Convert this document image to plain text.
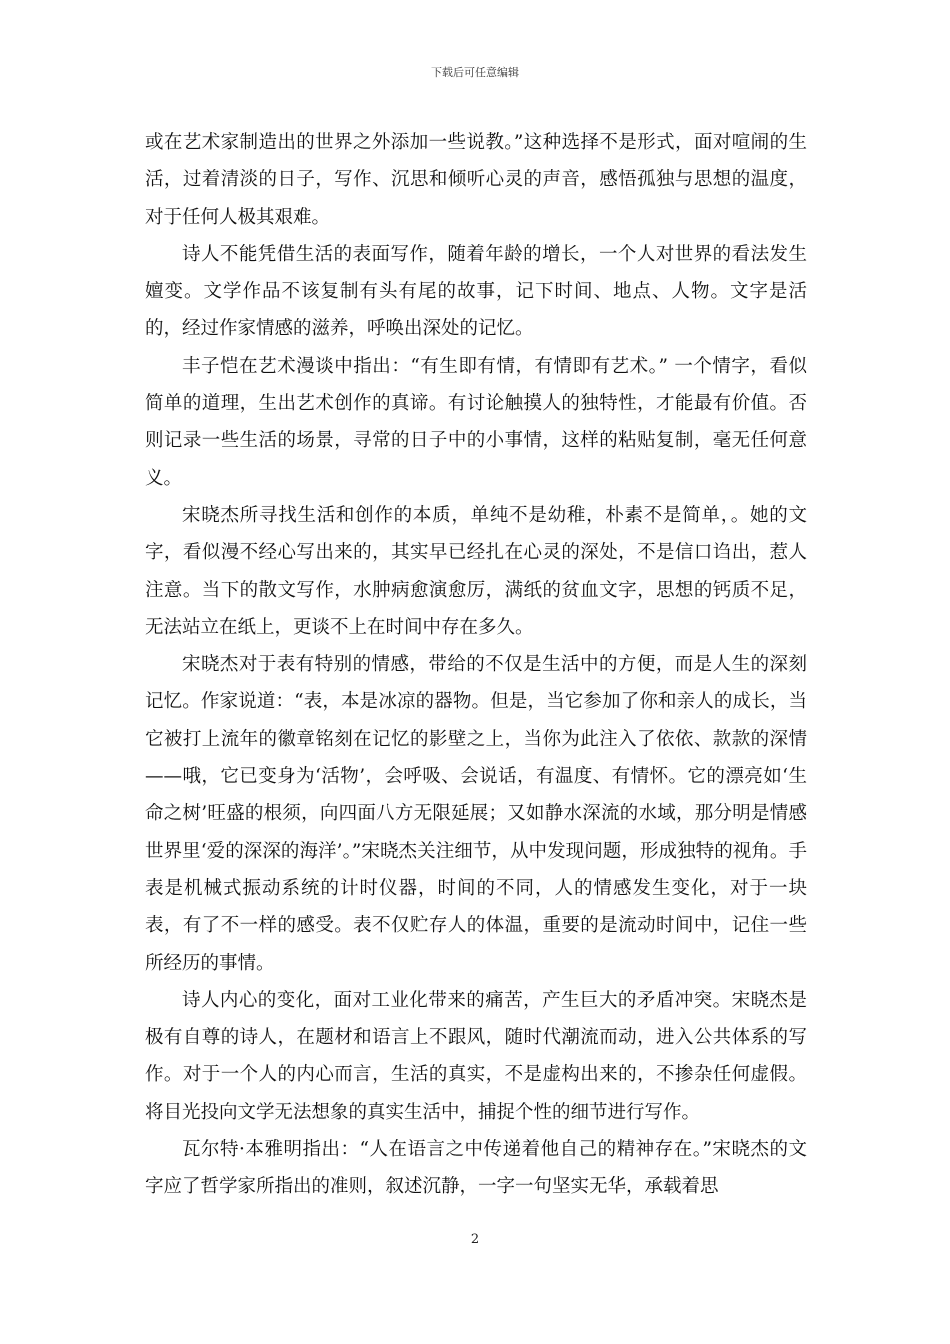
下载后可任意编辑

或在艺术家制造出的世界之外添加一些说教。”这种选择不是形式，面对喧闹的生活，过着清淡的日子，写作、沉思和倾听心灵的声音，感悟孤独与思想的温度，对于任何人极其艰难。

诗人不能凭借生活的表面写作，随着年龄的增长，一个人对世界的看法发生嬗变。文学作品不该复制有头有尾的故事，记下时间、地点、人物。文字是活的，经过作家情感的滋养，呼唤出深处的记忆。

丰子恺在艺术漫谈中指出：“有生即有情，有情即有艺术。” 一个情字，看似简单的道理，生出艺术创作的真谛。有讨论触摸人的独特性，才能最有价值。否则记录一些生活的场景，寻常的日子中的小事情，这样的粘贴复制，毫无任何意义。

宋晓杰所寻找生活和创作的本质，单纯不是幼稚，朴素不是简单，。她的文字，看似漫不经心写出来的，其实早已经扎在心灵的深处，不是信口诌出，惹人注意。当下的散文写作，水肿病愈演愈厉，满纸的贫血文字，思想的钙质不足，无法站立在纸上，更谈不上在时间中存在多久。

宋晓杰对于表有特别的情感，带给的不仅是生活中的方便，而是人生的深刻记忆。作家说道：“表，本是冰凉的器物。但是，当它参加了你和亲人的成长，当它被打上流年的徽章铭刻在记忆的影壁之上，当你为此注入了依依、款款的深情——哦，它已变身为‘活物’，会呼吸、会说话，有温度、有情怀。它的漂亮如‘生命之树’旺盛的根须，向四面八方无限延展；又如静水深流的水域，那分明是情感世界里‘爱的深深的海洋’。”宋晓杰关注细节，从中发现问题，形成独特的视角。手表是机械式振动系统的计时仪器，时间的不同，人的情感发生变化，对于一块表，有了不一样的感受。表不仅贮存人的体温，重要的是流动时间中，记住一些所经历的事情。

诗人内心的变化，面对工业化带来的痛苦，产生巨大的矛盾冲突。宋晓杰是极有自尊的诗人，在题材和语言上不跟风，随时代潮流而动，进入公共体系的写作。对于一个人的内心而言，生活的真实，不是虚构出来的，不掺杂任何虚假。将目光投向文学无法想象的真实生活中，捕捉个性的细节进行写作。

瓦尔特·本雅明指出：“人在语言之中传递着他自己的精神存在。”宋晓杰的文字应了哲学家所指出的准则，叙述沉静，一字一句坚实无华，承载着思

2
